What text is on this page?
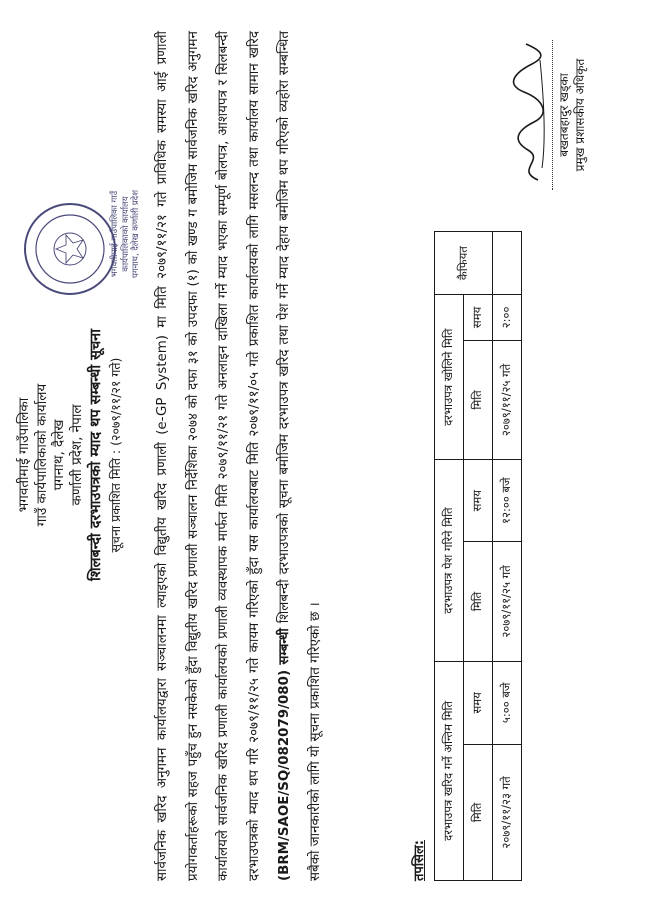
भगवतीमाई गाउँपालिका गाउँ कार्यपालिकाको कार्यालय पगनाथ, दैलेख कर्णाली प्रदेश, नेपाल शिलबन्दी दरभाउपत्रको म्याद थप सम्बन्धी सूचना सूचना प्रकाशित मिति : (२०७९/११/२१ गते)
भगवतीमाई गाउँपालिका गाउँ कार्यपालिकाको कार्यालय पगनाथ, दैलेख कर्णाली प्रदेश	सार्वजनिक खरिद अनुगमन कार्यालयद्वारा सञ्चालनमा ल्याइएको विद्युतीय खरिद प्रणाली (e-GP System) मा मिति २०७९/११/२१ गते प्राविधिक समस्या आई प्रणाली प्रयोगकर्ताहरूको सहज पहुँच हुन नसकेको हुँदा विद्युतीय खरिद प्रणाली सञ्चालन निर्देशिका २०७४ को दफा ३१ को उपदफा (१) को खण्ड ग बमोजिम सार्वजनिक खरिद अनुगमन कार्यालयले सार्वजनिक खरिद प्रणाली कार्यालयको प्रणाली व्यवस्थापक मार्फत मिति २०७९/११/२१ गते अनलाइन दाखिला गर्ने म्याद भएका सम्पूर्ण बोलपत्र, आशयपत्र र सिलबन्दी दरभाउपत्रको म्याद थप गरि २०७९/११/२५ गते कायम गरिएको हुँदा यस कार्यालयबाट मिति २०७९/११/०५ गते प्रकाशित कार्यालयको लागि मसलन्द तथा कार्यालय सामान खरिद (BRM/SAOE/SQ/082079/080) सम्बन्धी शिलबन्दी दरभाउपत्रको सूचना बमोजिम दरभाउपत्र खरिद तथा पेश गर्ने म्याद देहाय बमोजिम थप गरिएको व्यहोरा सम्बन्धित सबैको जानकारीको लागि यो सूचना प्रकाशित गरिएको छ ।	तपसिल:
दरभाउपत्र खरिद गर्ने अन्तिम मिति		दरभाउपत्र पेश गरिने मिति		दरभाउपत्र खोलिने मिति		कैफियत
मिति	समय	मिति	समय	मिति	समय	
२०७९/११/२३ गते	५:०० बजे	२०७९/११/२५ गते	१२:०० बजे	२०७९/११/२५ गते	२:००	
बखतबहादुर खड्का प्रमुख प्रशासकीय अधिकृत
